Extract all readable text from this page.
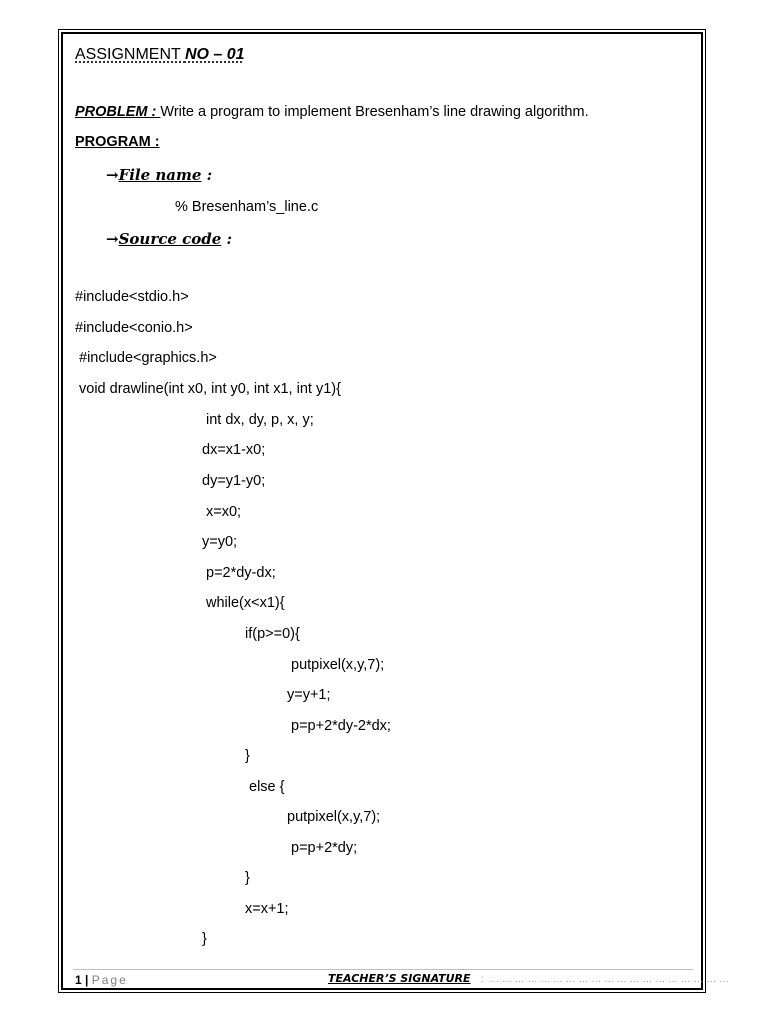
ASSIGNMENT NO – 01
PROBLEM : Write a program to implement Bresenham’s line drawing algorithm.
PROGRAM :
→File name :
% Bresenham’s_line.c
→Source code :
#include<stdio.h>
#include<conio.h>
#include<graphics.h>
void drawline(int x0, int y0, int x1, int y1){
int dx, dy, p, x, y;
dx=x1-x0;
dy=y1-y0;
x=x0;
y=y0;
p=2*dy-dx;
while(x<x1){
if(p>=0){
putpixel(x,y,7);
y=y+1;
p=p+2*dy-2*dx;
}
else {
putpixel(x,y,7);
p=p+2*dy;
}
x=x+1;
}
1 | Page	TEACHER’S SIGNATURE : … … … … … … … … … … … … … … … … … … …
